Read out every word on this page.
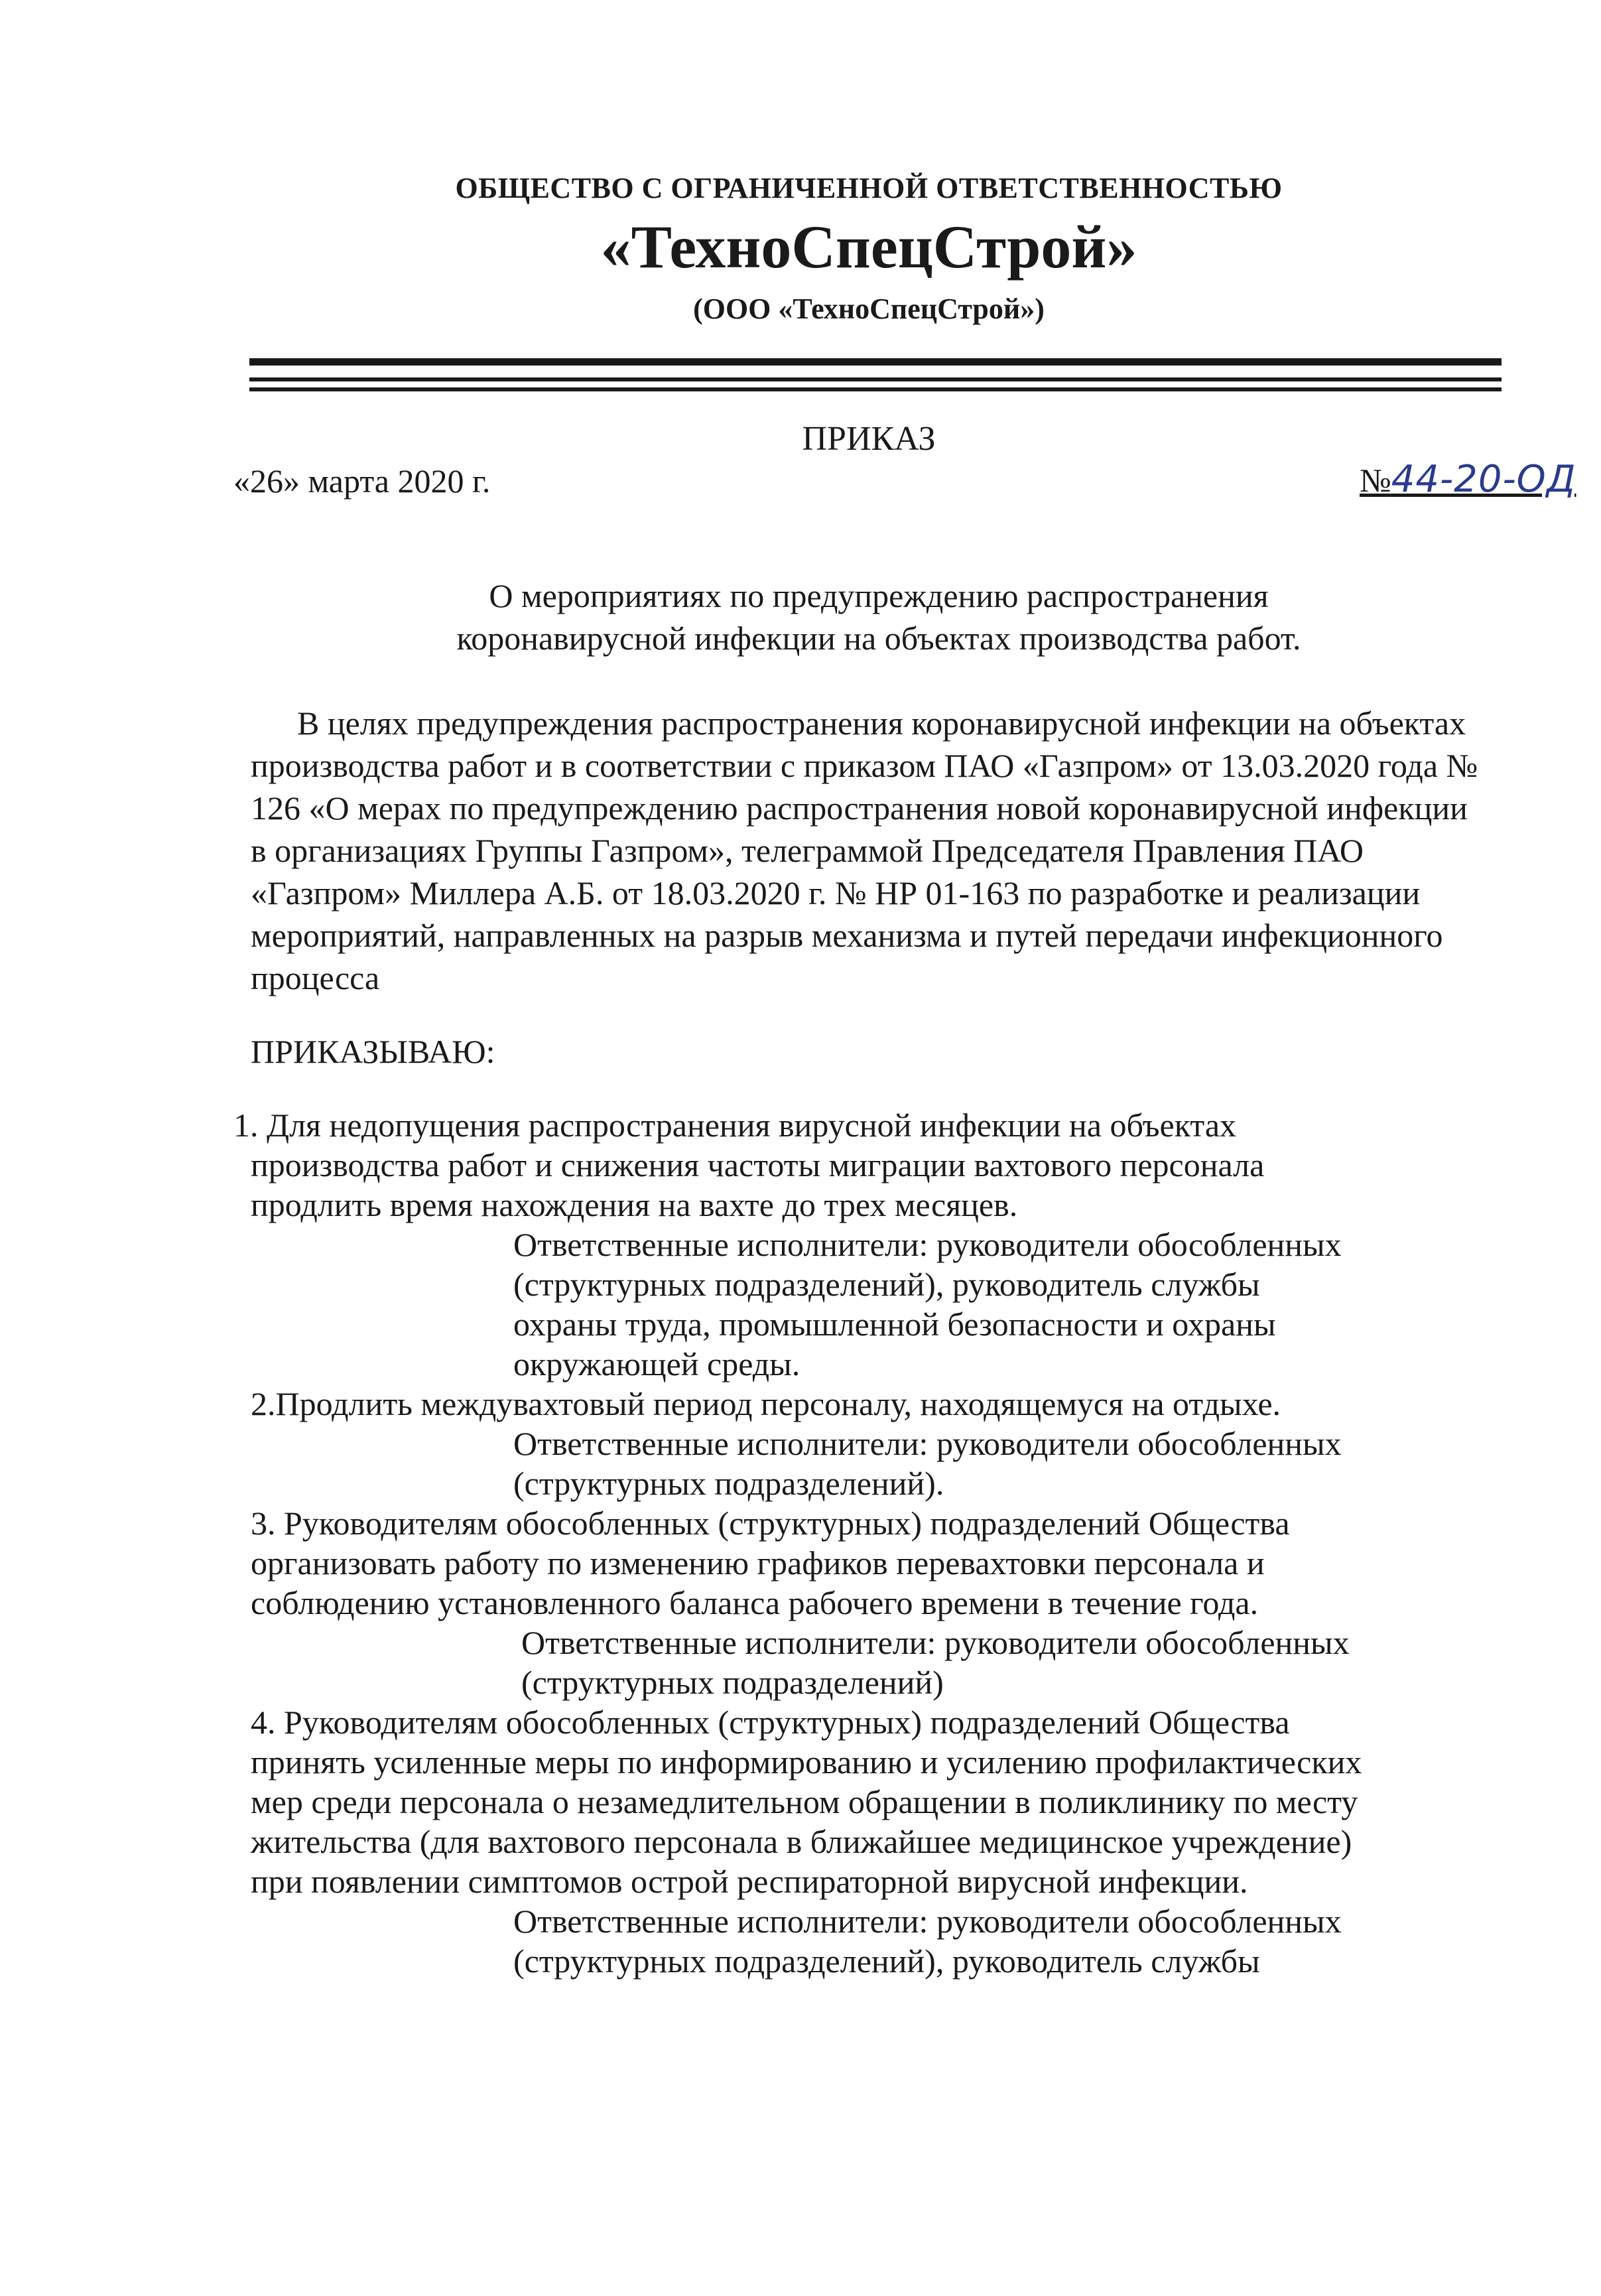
ОБЩЕСТВО С ОГРАНИЧЕННОЙ ОТВЕТСТВЕННОСТЬЮ
«ТехноСпецСтрой»
(ООО «ТехноСпецСтрой»)
ПРИКАЗ
«26» марта 2020 г.	№44-20-ОД
О мероприятиях по предупреждению распространения
коронавирусной инфекции на объектах производства работ.
В целях предупреждения распространения коронавирусной инфекции на объектах производства работ и в соответствии с приказом ПАО «Газпром» от 13.03.2020 года № 126 «О мерах по предупреждению распространения новой коронавирусной инфекции в организациях Группы Газпром», телеграммой Председателя Правления ПАО «Газпром» Миллера А.Б. от 18.03.2020 г. № НР 01-163 по разработке и реализации мероприятий, направленных на разрыв механизма и путей передачи инфекционного процесса
ПРИКАЗЫВАЮ:
1. Для недопущения распространения вирусной инфекции на объектах
производства работ и снижения частоты миграции вахтового персонала
продлить время нахождения на вахте до трех месяцев.
Ответственные исполнители: руководители обособленных
(структурных подразделений), руководитель службы
охраны труда, промышленной безопасности и охраны
окружающей среды.
2.Продлить междувахтовый период персоналу, находящемуся на отдыхе.
Ответственные исполнители: руководители обособленных
(структурных подразделений).
3. Руководителям обособленных (структурных) подразделений Общества
организовать работу по изменению графиков перевахтовки персонала и
соблюдению установленного баланса рабочего времени в течение года.
Ответственные исполнители: руководители обособленных
(структурных подразделений)
4. Руководителям обособленных (структурных) подразделений Общества
принять усиленные меры по информированию и усилению профилактических
мер среди персонала о незамедлительном обращении в поликлинику по месту
жительства (для вахтового персонала в ближайшее медицинское учреждение)
при появлении симптомов острой респираторной вирусной инфекции.
Ответственные исполнители: руководители обособленных
(структурных подразделений), руководитель службы
